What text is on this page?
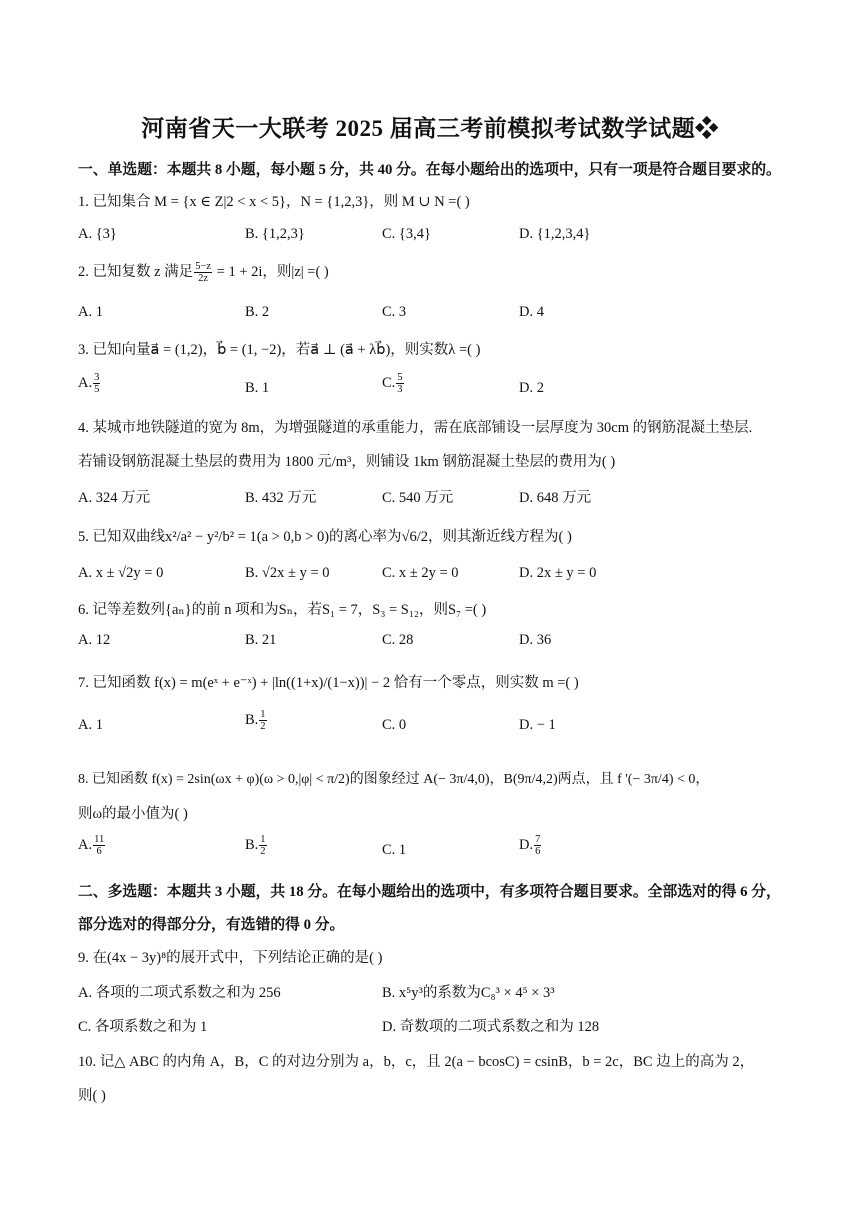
河南省天一大联考 2025 届高三考前模拟考试数学试题❖
一、单选题：本题共 8 小题，每小题 5 分，共 40 分。在每小题给出的选项中，只有一项是符合题目要求的。
1. 已知集合 M = {x ∈ Z|2 < x < 5}，N = {1,2,3}，则 M ∪ N =( )
A. {3}	B. {1,2,3}	C. {3,4}	D. {1,2,3,4}
2. 已知复数 z 满足 $\frac{5-z}{2z} = 1 + 2i$，则|z| =( )
A. 1	B. 2	C. 3	D. 4
3. 已知向量a⃗ = (1,2)，b⃗ = (1, −2)，若a⃗ ⊥ (a⃗ + λb⃗)，则实数λ =( )
A. $\frac{3}{5}$	B. 1	C. $\frac{5}{3}$	D. 2
4. 某城市地铁隧道的宽为 8m，为增强隧道的承重能力，需在底部铺设一层厚度为 30cm 的钢筋混凝土垫层.
若铺设钢筋混凝土垫层的费用为 1800 元/m³，则铺设 1km 钢筋混凝土垫层的费用为( )
A. 324 万元	B. 432 万元	C. 540 万元	D. 648 万元
5. 已知双曲线x²/a² − y²/b² = 1(a > 0,b > 0)的离心率为√6/2，则其渐近线方程为( )
A. x ± √2y = 0	B. √2x ± y = 0	C. x ± 2y = 0	D. 2x ± y = 0
6. 记等差数列{aₙ}的前 n 项和为Sₙ，若S₁ = 7，S₃ = S₁₂，则S₇ =( )
A. 12	B. 21	C. 28	D. 36
7. 已知函数 f(x) = m(eˣ + e⁻ˣ) + |ln((1+x)/(1−x))| − 2 恰有一个零点，则实数 m =( )
A. 1	B. $\frac{1}{2}$	C. 0	D. − 1
8. 已知函数 f(x) = 2sin(ωx + φ)(ω > 0,|φ| < π/2)的图象经过 A(− 3π/4,0)，B(9π/4,2)两点，且 f '(− 3π/4) < 0，
则ω的最小值为( )
A. $\frac{11}{6}$	B. $\frac{1}{2}$	C. 1	D. $\frac{7}{6}$
二、多选题：本题共 3 小题，共 18 分。在每小题给出的选项中，有多项符合题目要求。全部选对的得 6 分，
部分选对的得部分分，有选错的得 0 分。
9. 在(4x − 3y)⁸的展开式中，下列结论正确的是( )
A. 各项的二项式系数之和为 256	B. x⁵y³的系数为C₈³ × 4⁵ × 3³
C. 各项系数之和为 1	D. 奇数项的二项式系数之和为 128
10. 记△ ABC 的内角 A，B，C 的对边分别为 a，b，c，且 2(a − bcosC) = csinB，b = 2c，BC 边上的高为 2，
则( )
